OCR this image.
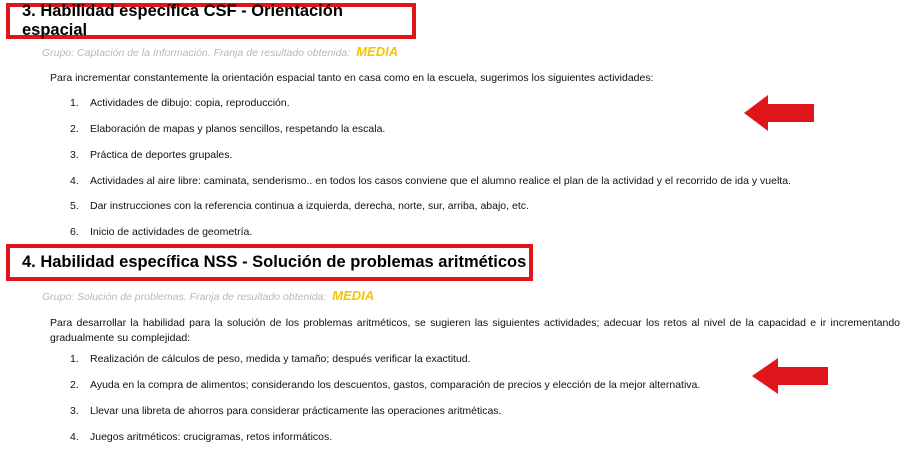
3. Habilidad específica CSF - Orientación espacial
Grupo: Captación de la Información. Franja de resultado obtenida: MEDIA
Para incrementar constantemente la orientación espacial tanto en casa como en la escuela, sugerimos los siguientes actividades:
1. Actividades de dibujo: copia, reproducción.
2. Elaboración de mapas y planos sencillos, respetando la escala.
3. Práctica de deportes grupales.
4. Actividades al aire libre: caminata, senderismo.. en todos los casos conviene que el alumno realice el plan de la actividad y el recorrido de ida y vuelta.
5. Dar instrucciones con la referencia continua a izquierda, derecha, norte, sur, arriba, abajo, etc.
6. Inicio de actividades de geometría.
4. Habilidad específica NSS - Solución de problemas aritméticos
Grupo: Solución de problemas. Franja de resultado obtenida: MEDIA
Para desarrollar la habilidad para la solución de los problemas aritméticos, se sugieren las siguientes actividades; adecuar los retos al nivel de la capacidad e ir incrementando gradualmente su complejidad:
1. Realización de cálculos de peso, medida y tamaño; después verificar la exactitud.
2. Ayuda en la compra de alimentos; considerando los descuentos, gastos, comparación de precios y elección de la mejor alternativa.
3. Llevar una libreta de ahorros para considerar prácticamente las operaciones aritméticas.
4. Juegos aritméticos: crucigramas, retos informáticos.
